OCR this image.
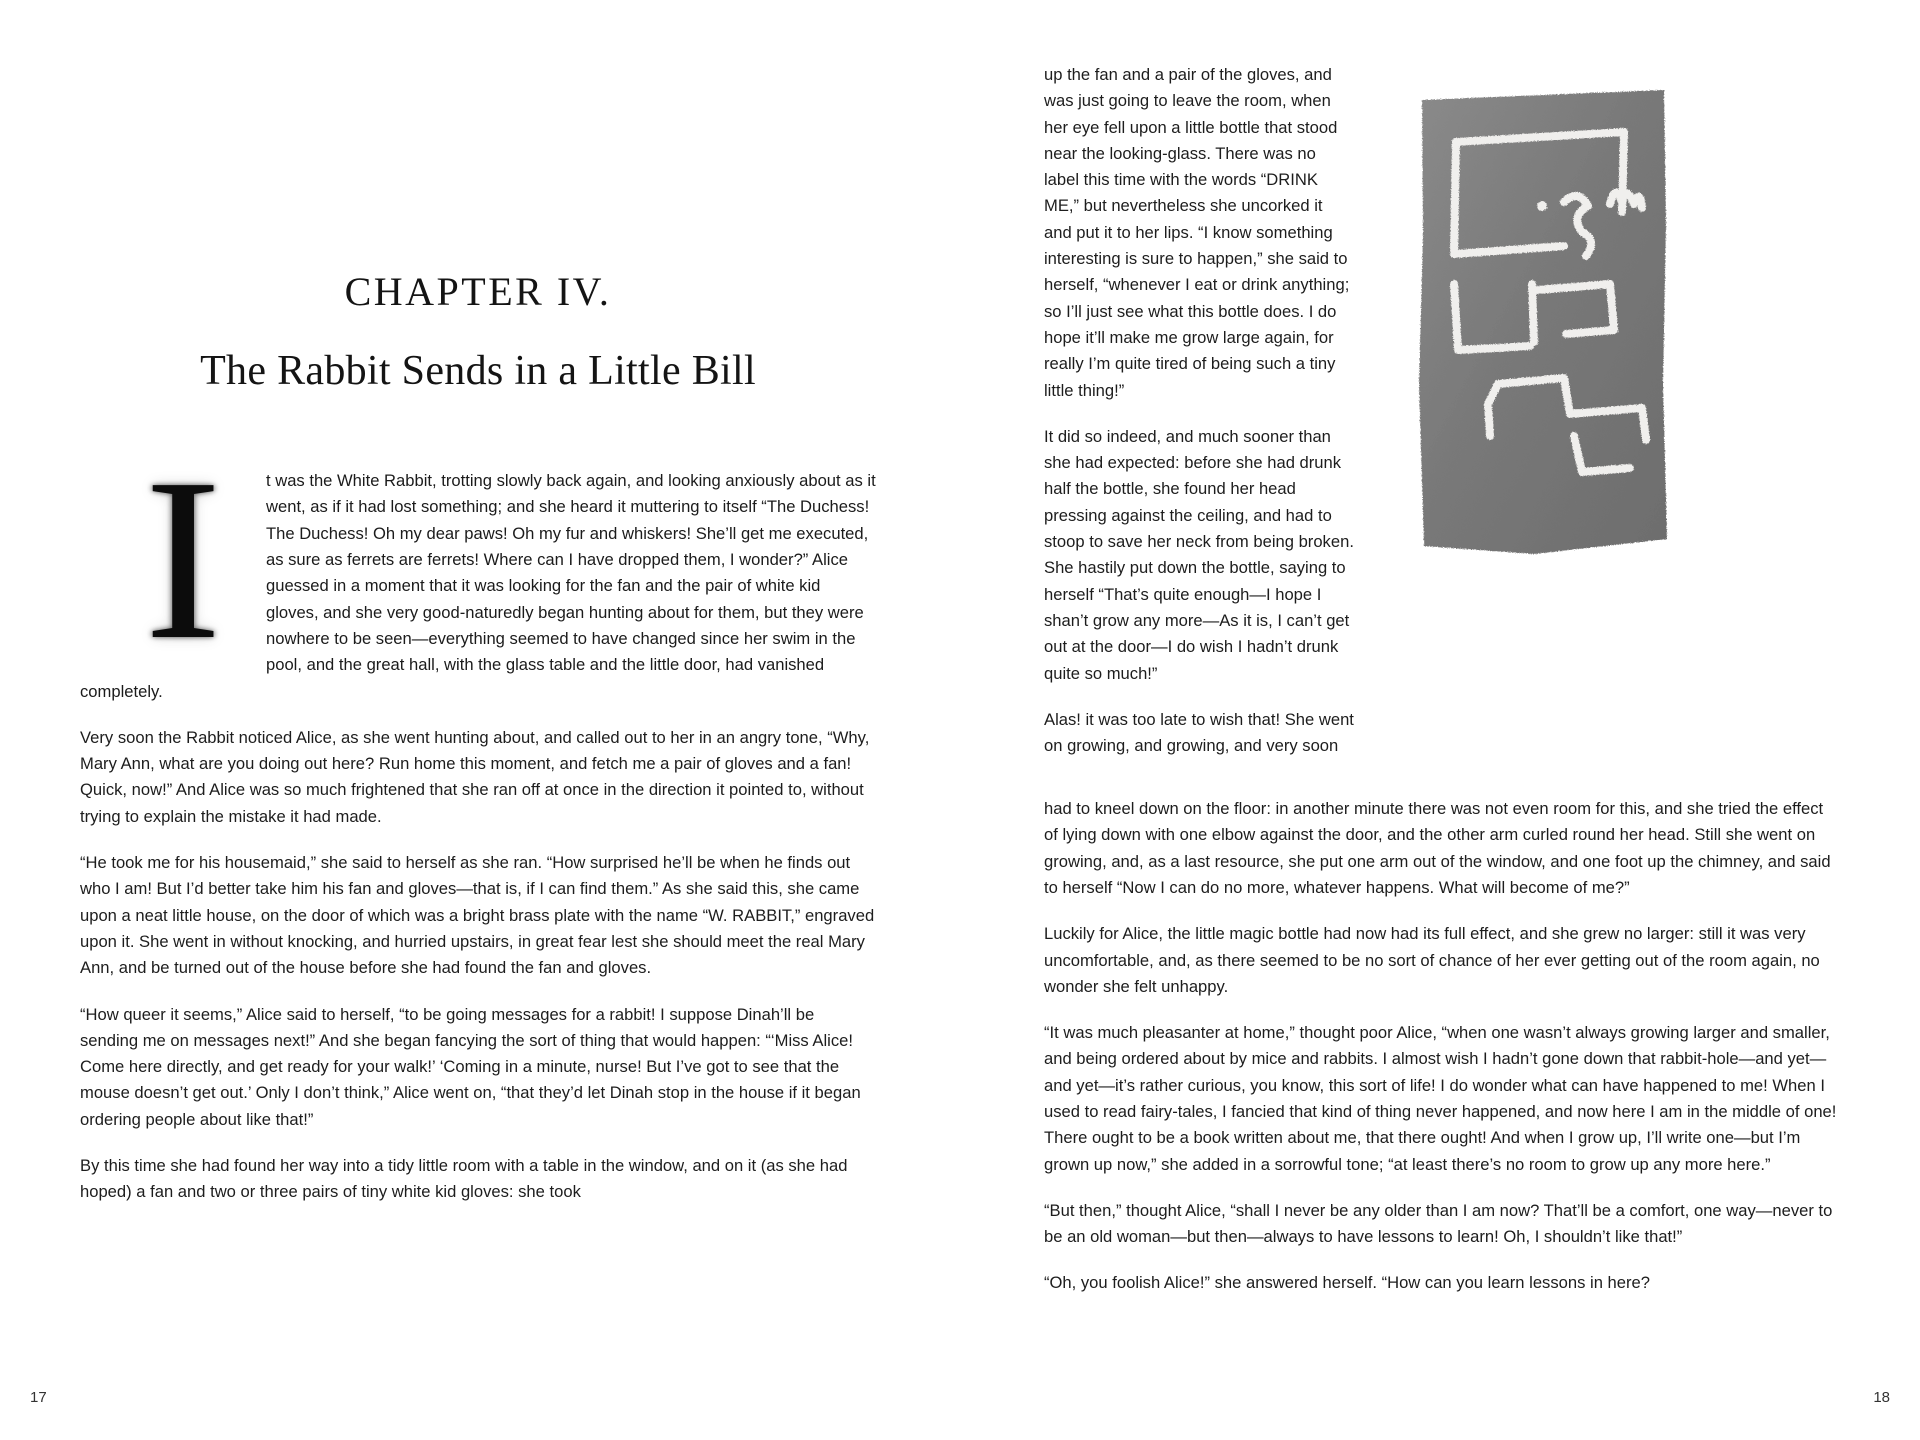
CHAPTER IV.
The Rabbit Sends in a Little Bill
I	t was the White Rabbit, trotting slowly back again, and looking anxiously about as it went, as if it had lost something; and she heard it muttering to itself “The Duchess! The Duchess! Oh my dear paws! Oh my fur and whiskers! She’ll get me executed, as sure as ferrets are ferrets! Where can I have dropped them, I wonder?” Alice guessed in a moment that it was looking for the fan and the pair of white kid gloves, and she very good-naturedly began hunting about for them, but they were nowhere to be seen—everything seemed to have changed since her swim in the pool, and the great hall, with the glass table and the little door, had vanished completely.

Very soon the Rabbit noticed Alice, as she went hunting about, and called out to her in an angry tone, “Why, Mary Ann, what are you doing out here? Run home this moment, and fetch me a pair of gloves and a fan! Quick, now!” And Alice was so much frightened that she ran off at once in the direction it pointed to, without trying to explain the mistake it had made.

“He took me for his housemaid,” she said to herself as she ran. “How surprised he’ll be when he finds out who I am! But I’d better take him his fan and gloves—that is, if I can find them.” As she said this, she came upon a neat little house, on the door of which was a bright brass plate with the name “W. RABBIT,” engraved upon it. She went in without knocking, and hurried upstairs, in great fear lest she should meet the real Mary Ann, and be turned out of the house before she had found the fan and gloves.

“How queer it seems,” Alice said to herself, “to be going messages for a rabbit! I suppose Dinah’ll be sending me on messages next!” And she began fancying the sort of thing that would happen: “‘Miss Alice! Come here directly, and get ready for your walk!’ ‘Coming in a minute, nurse! But I’ve got to see that the mouse doesn’t get out.’ Only I don’t think,” Alice went on, “that they’d let Dinah stop in the house if it began ordering people about like that!”

By this time she had found her way into a tidy little room with a table in the window, and on it (as she had hoped) a fan and two or three pairs of tiny white kid gloves: she took

17

up the fan and a pair of the gloves, and was just going to leave the room, when her eye fell upon a little bottle that stood near the looking-glass. There was no label this time with the words “DRINK ME,” but nevertheless she uncorked it and put it to her lips. “I know something interesting is sure to happen,” she said to herself, “whenever I eat or drink anything; so I’ll just see what this bottle does. I do hope it’ll make me grow large again, for really I’m quite tired of being such a tiny little thing!”

It did so indeed, and much sooner than she had expected: before she had drunk half the bottle, she found her head pressing against the ceiling, and had to stoop to save her neck from being broken. She hastily put down the bottle, saying to herself “That’s quite enough—I hope I shan’t grow any more—As it is, I can’t get out at the door—I do wish I hadn’t drunk quite so much!”

Alas! it was too late to wish that! She went on growing, and growing, and very soon

had to kneel down on the floor: in another minute there was not even room for this, and she tried the effect of lying down with one elbow against the door, and the other arm curled round her head. Still she went on growing, and, as a last resource, she put one arm out of the window, and one foot up the chimney, and said to herself “Now I can do no more, whatever happens. What will become of me?”

Luckily for Alice, the little magic bottle had now had its full effect, and she grew no larger: still it was very uncomfortable, and, as there seemed to be no sort of chance of her ever getting out of the room again, no wonder she felt unhappy.

“It was much pleasanter at home,” thought poor Alice, “when one wasn’t always growing larger and smaller, and being ordered about by mice and rabbits. I almost wish I hadn’t gone down that rabbit-hole—and yet—and yet—it’s rather curious, you know, this sort of life! I do wonder what can have happened to me! When I used to read fairy-tales, I fancied that kind of thing never happened, and now here I am in the middle of one! There ought to be a book written about me, that there ought! And when I grow up, I’ll write one—but I’m grown up now,” she added in a sorrowful tone; “at least there’s no room to grow up any more here.”

“But then,” thought Alice, “shall I never be any older than I am now? That’ll be a comfort, one way—never to be an old woman—but then—always to have lessons to learn! Oh, I shouldn’t like that!”

“Oh, you foolish Alice!” she answered herself. “How can you learn lessons in here?

18
